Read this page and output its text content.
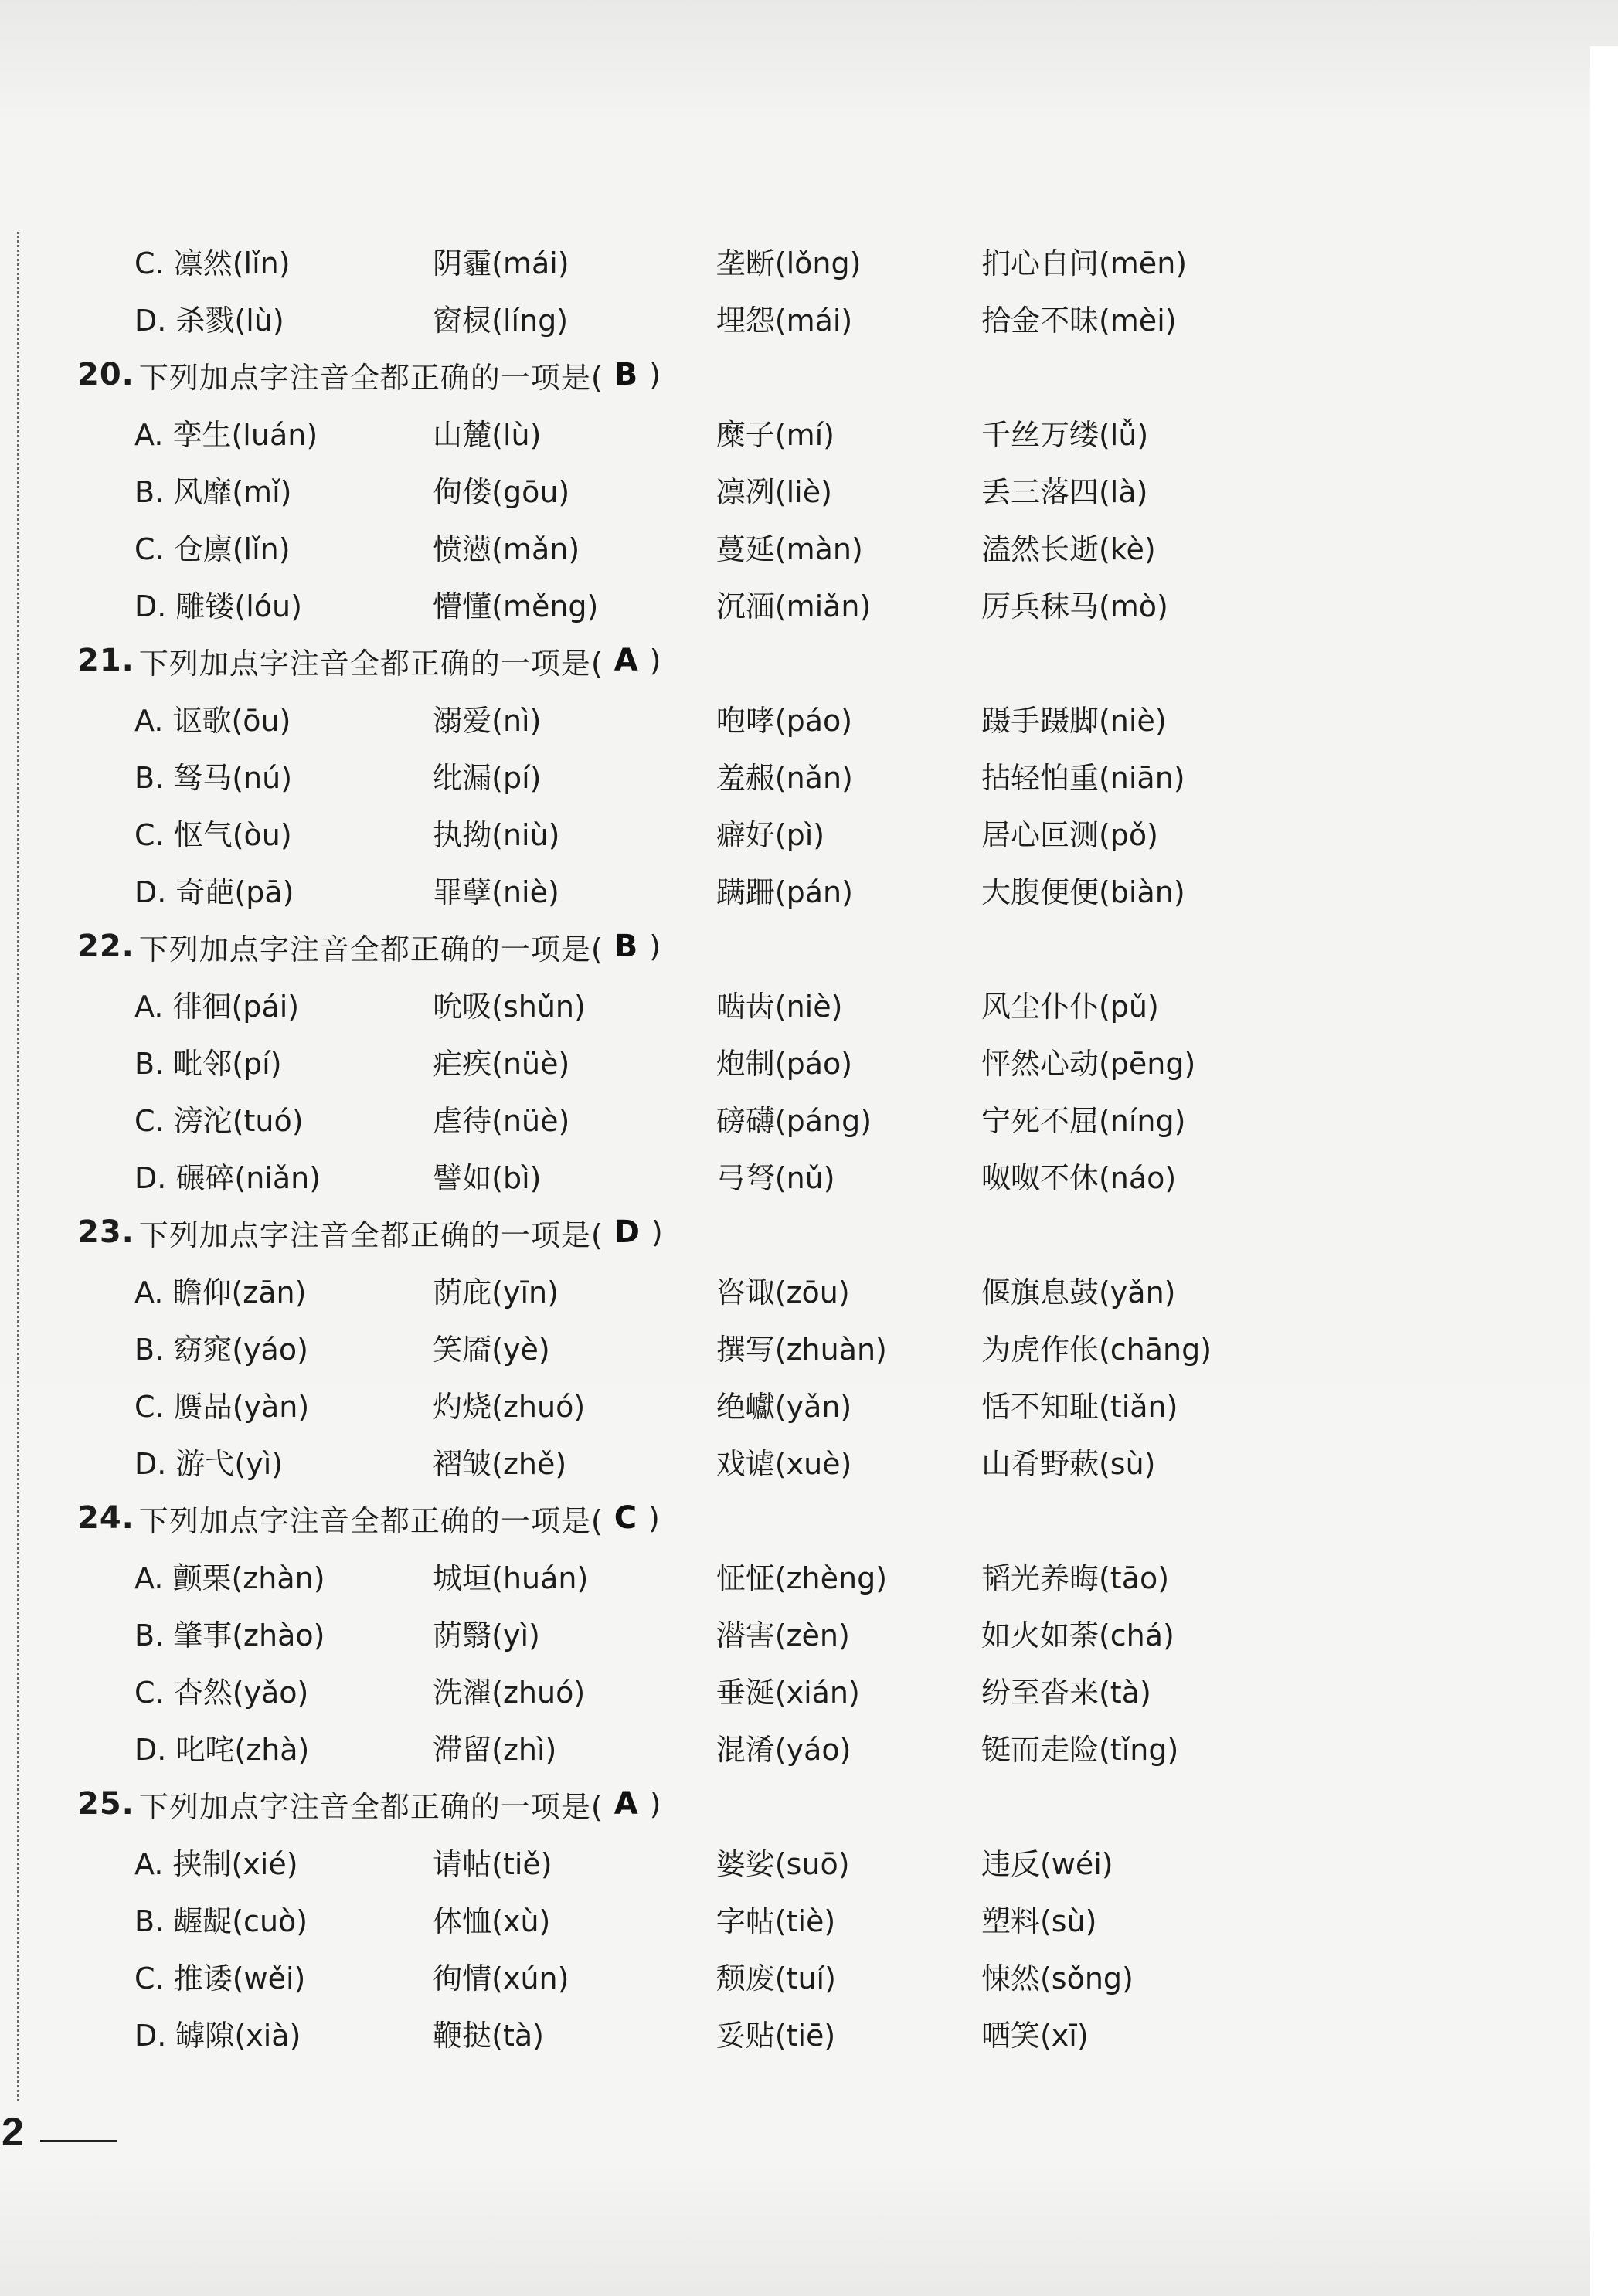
C. 凛然(lǐn)	阴霾(mái)	垄断(lǒng)	扪心自问(mēn)
D. 杀戮(lù)	窗棂(líng)	埋怨(mái)	拾金不昧(mèi)
20. 下列加点字注音全都正确的一项是( B )
A. 孪生(luán)	山麓(lù)	糜子(mí)	千丝万缕(lǚ)
B. 风靡(mǐ)	佝偻(gōu)	凛冽(liè)	丢三落四(là)
C. 仓廪(lǐn)	愤懑(mǎn)	蔓延(màn)	溘然长逝(kè)
D. 雕镂(lóu)	懵懂(měng)	沉湎(miǎn)	厉兵秣马(mò)
21. 下列加点字注音全都正确的一项是( A )
A. 讴歌(ōu)	溺爱(nì)	咆哮(páo)	蹑手蹑脚(niè)
B. 驽马(nú)	纰漏(pí)	羞赧(nǎn)	拈轻怕重(niān)
C. 怄气(òu)	执拗(niù)	癖好(pì)	居心叵测(pǒ)
D. 奇葩(pā)	罪孽(niè)	蹒跚(pán)	大腹便便(biàn)
22. 下列加点字注音全都正确的一项是( B )
A. 徘徊(pái)	吮吸(shǔn)	啮齿(niè)	风尘仆仆(pǔ)
B. 毗邻(pí)	疟疾(nüè)	炮制(páo)	怦然心动(pēng)
C. 滂沱(tuó)	虐待(nüè)	磅礴(páng)	宁死不屈(níng)
D. 碾碎(niǎn)	譬如(bì)	弓弩(nǔ)	呶呶不休(náo)
23. 下列加点字注音全都正确的一项是( D )
A. 瞻仰(zān)	荫庇(yīn)	咨诹(zōu)	偃旗息鼓(yǎn)
B. 窈窕(yáo)	笑靥(yè)	撰写(zhuàn)	为虎作伥(chāng)
C. 赝品(yàn)	灼烧(zhuó)	绝巘(yǎn)	恬不知耻(tiǎn)
D. 游弋(yì)	褶皱(zhě)	戏谑(xuè)	山肴野蔌(sù)
24. 下列加点字注音全都正确的一项是( C )
A. 颤栗(zhàn)	城垣(huán)	怔怔(zhèng)	韬光养晦(tāo)
B. 肇事(zhào)	荫翳(yì)	潜害(zèn)	如火如荼(chá)
C. 杳然(yǎo)	洗濯(zhuó)	垂涎(xián)	纷至沓来(tà)
D. 叱咤(zhà)	滞留(zhì)	混淆(yáo)	铤而走险(tǐng)
25. 下列加点字注音全都正确的一项是( A )
A. 挟制(xié)	请帖(tiě)	婆娑(suō)	违反(wéi)
B. 龌龊(cuò)	体恤(xù)	字帖(tiè)	塑料(sù)
C. 推诿(wěi)	徇情(xún)	颓废(tuí)	悚然(sǒng)
D. 罅隙(xià)	鞭挞(tà)	妥贴(tiē)	哂笑(xī)
2
